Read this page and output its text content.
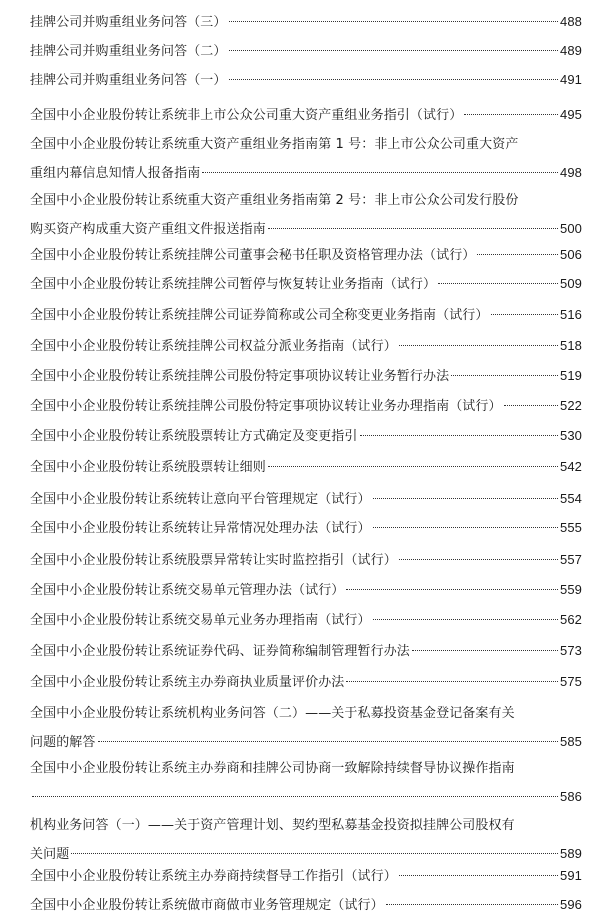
挂牌公司并购重组业务问答（三）	488
挂牌公司并购重组业务问答（二）	489
挂牌公司并购重组业务问答（一）	491
全国中小企业股份转让系统非上市公众公司重大资产重组业务指引（试行）	495
全国中小企业股份转让系统重大资产重组业务指南第 1 号：非上市公众公司重大资产
重组内幕信息知情人报备指南	498
全国中小企业股份转让系统重大资产重组业务指南第 2 号：非上市公众公司发行股份
购买资产构成重大资产重组文件报送指南	500
全国中小企业股份转让系统挂牌公司董事会秘书任职及资格管理办法（试行）	506
全国中小企业股份转让系统挂牌公司暂停与恢复转让业务指南（试行）	509
全国中小企业股份转让系统挂牌公司证券简称或公司全称变更业务指南（试行）	516
全国中小企业股份转让系统挂牌公司权益分派业务指南（试行）	518
全国中小企业股份转让系统挂牌公司股份特定事项协议转让业务暂行办法	519
全国中小企业股份转让系统挂牌公司股份特定事项协议转让业务办理指南（试行）	522
全国中小企业股份转让系统股票转让方式确定及变更指引	530
全国中小企业股份转让系统股票转让细则	542
全国中小企业股份转让系统转让意向平台管理规定（试行）	554
全国中小企业股份转让系统转让异常情况处理办法（试行）	555
全国中小企业股份转让系统股票异常转让实时监控指引（试行）	557
全国中小企业股份转让系统交易单元管理办法（试行）	559
全国中小企业股份转让系统交易单元业务办理指南（试行）	562
全国中小企业股份转让系统证券代码、证券简称编制管理暂行办法	573
全国中小企业股份转让系统主办券商执业质量评价办法	575
全国中小企业股份转让系统机构业务问答（二）——关于私募投资基金登记备案有关
问题的解答	585
全国中小企业股份转让系统主办券商和挂牌公司协商一致解除持续督导协议操作指南
586
机构业务问答（一）——关于资产管理计划、契约型私募基金投资拟挂牌公司股权有
关问题	589
全国中小企业股份转让系统主办券商持续督导工作指引（试行）	591
全国中小企业股份转让系统做市商做市业务管理规定（试行）	596
